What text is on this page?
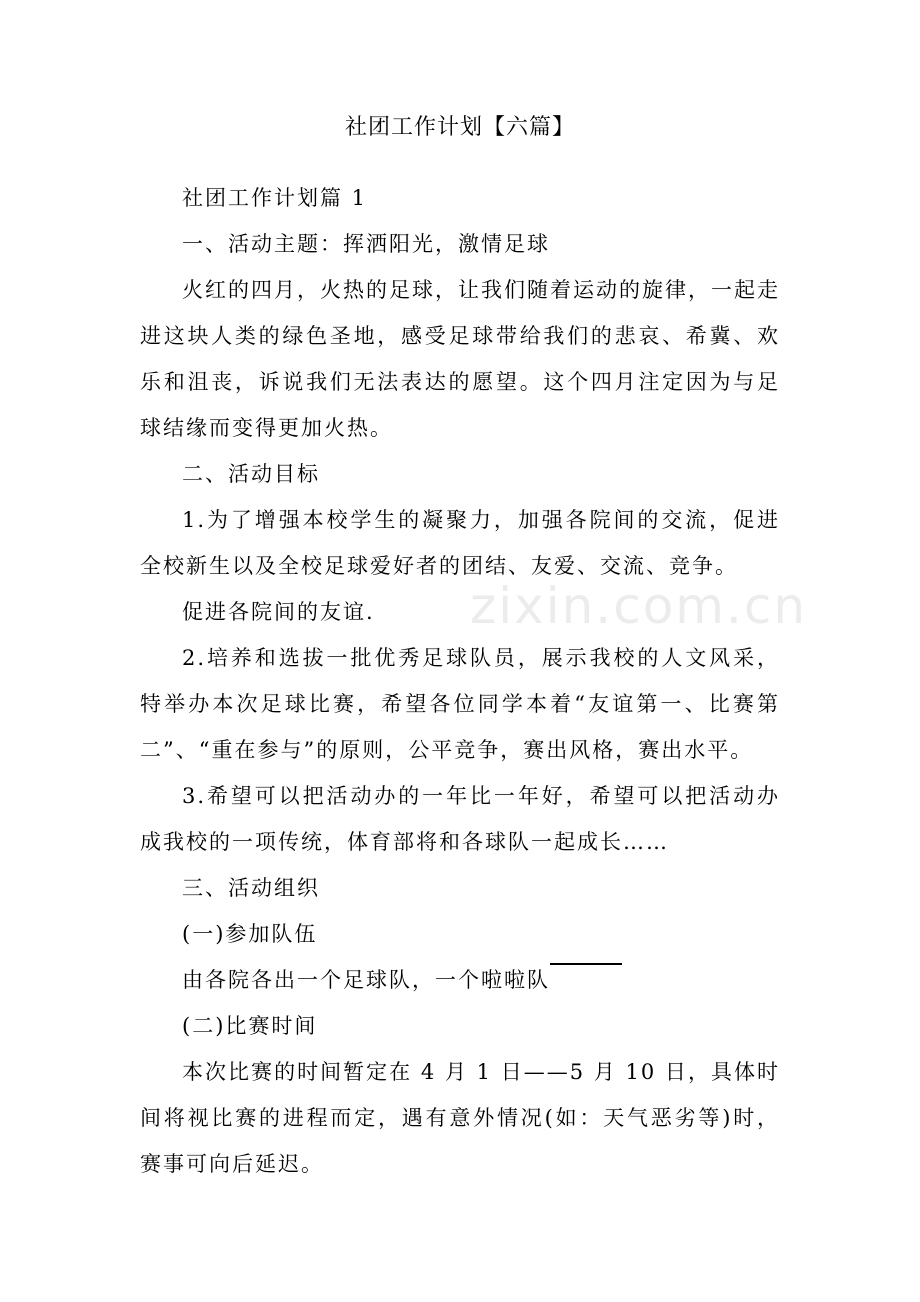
zixin.com.cn
社团工作计划【六篇】

社团工作计划篇 1

一、活动主题：挥洒阳光，激情足球

火红的四月，火热的足球，让我们随着运动的旋律，一起走进这块人类的绿色圣地，感受足球带给我们的悲哀、希冀、欢乐和沮丧，诉说我们无法表达的愿望。这个四月注定因为与足球结缘而变得更加火热。

二、活动目标

1.为了增强本校学生的凝聚力，加强各院间的交流，促进全校新生以及全校足球爱好者的团结、友爱、交流、竞争。

促进各院间的友谊.

2.培养和选拔一批优秀足球队员，展示我校的人文风采，特举办本次足球比赛，希望各位同学本着“友谊第一、比赛第二”、“重在参与”的原则，公平竞争，赛出风格，赛出水平。

3.希望可以把活动办的一年比一年好，希望可以把活动办成我校的一项传统，体育部将和各球队一起成长……

三、活动组织

(一)参加队伍

由各院各出一个足球队，一个啦啦队

(二)比赛时间

本次比赛的时间暂定在 4 月 1 日——5 月 10 日，具体时间将视比赛的进程而定，遇有意外情况(如：天气恶劣等)时，赛事可向后延迟。
